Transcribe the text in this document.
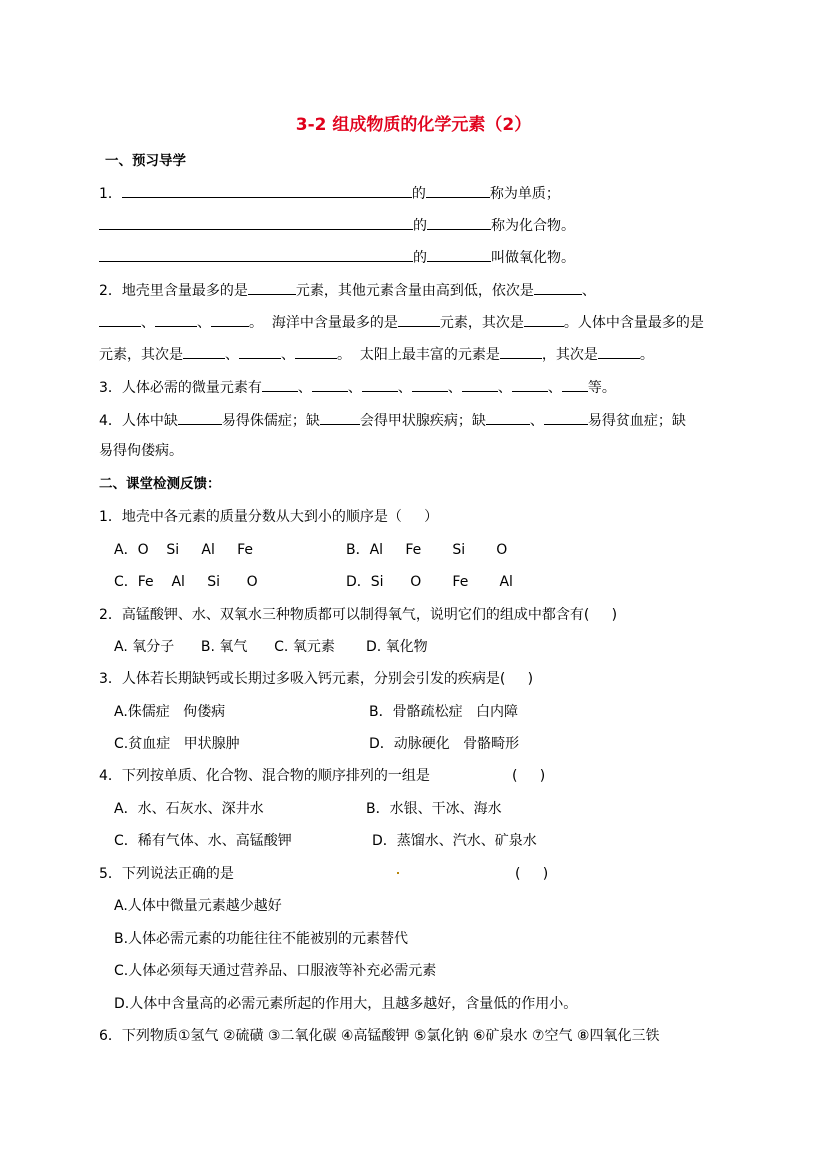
3-2 组成物质的化学元素（2）
一、预习导学
1．	的	称为单质；
的	称为化合物。
的	叫做氧化物。
2．地壳里含量最多的是	元素，其他元素含量由高到低，依次是	、
、	、	。  海洋中含量最多的是	元素，其次是	。人体中含量最多的是
元素，其次是	、	、	。  太阳上最丰富的元素是	，其次是	。
3．人体必需的微量元素有	、	、	、	、	、	、 等。
4．人体中缺	易得侏儒症；缺	会得甲状腺疾病；缺	、	易得贫血症；缺
易得佝偻病。
二、课堂检测反馈：
1．地壳中各元素的质量分数从大到小的顺序是（     ）
A．O    Si     Al     Fe	B．Al     Fe       Si       O
C．Fe    Al     Si      O	D．Si      O       Fe       Al
2．高锰酸钾、水、双氧水三种物质都可以制得氧气，说明它们的组成中都含有(     )
A. 氧分子      B. 氧气      C. 氧元素       D. 氧化物
3．人体若长期缺钙或长期过多吸入钙元素，分别会引发的疾病是(     )
A.侏儒症   佝偻病	B．骨骼疏松症   白内障
C.贫血症   甲状腺肿	D．动脉硬化   骨骼畸形
4．下列按单质、化合物、混合物的顺序排列的一组是	(     )
A．水、石灰水、深井水	B．水银、干冰、海水
C．稀有气体、水、高锰酸钾	D．蒸馏水、汽水、矿泉水
5．下列说法正确的是	(     )
A.人体中微量元素越少越好
B.人体必需元素的功能往往不能被别的元素替代
C.人体必须每天通过营养品、口服液等补充必需元素
D.人体中含量高的必需元素所起的作用大，且越多越好，含量低的作用小。
6．下列物质①氢气 ②硫磺 ③二氧化碳 ④高锰酸钾 ⑤氯化钠 ⑥矿泉水 ⑦空气 ⑧四氧化三铁
